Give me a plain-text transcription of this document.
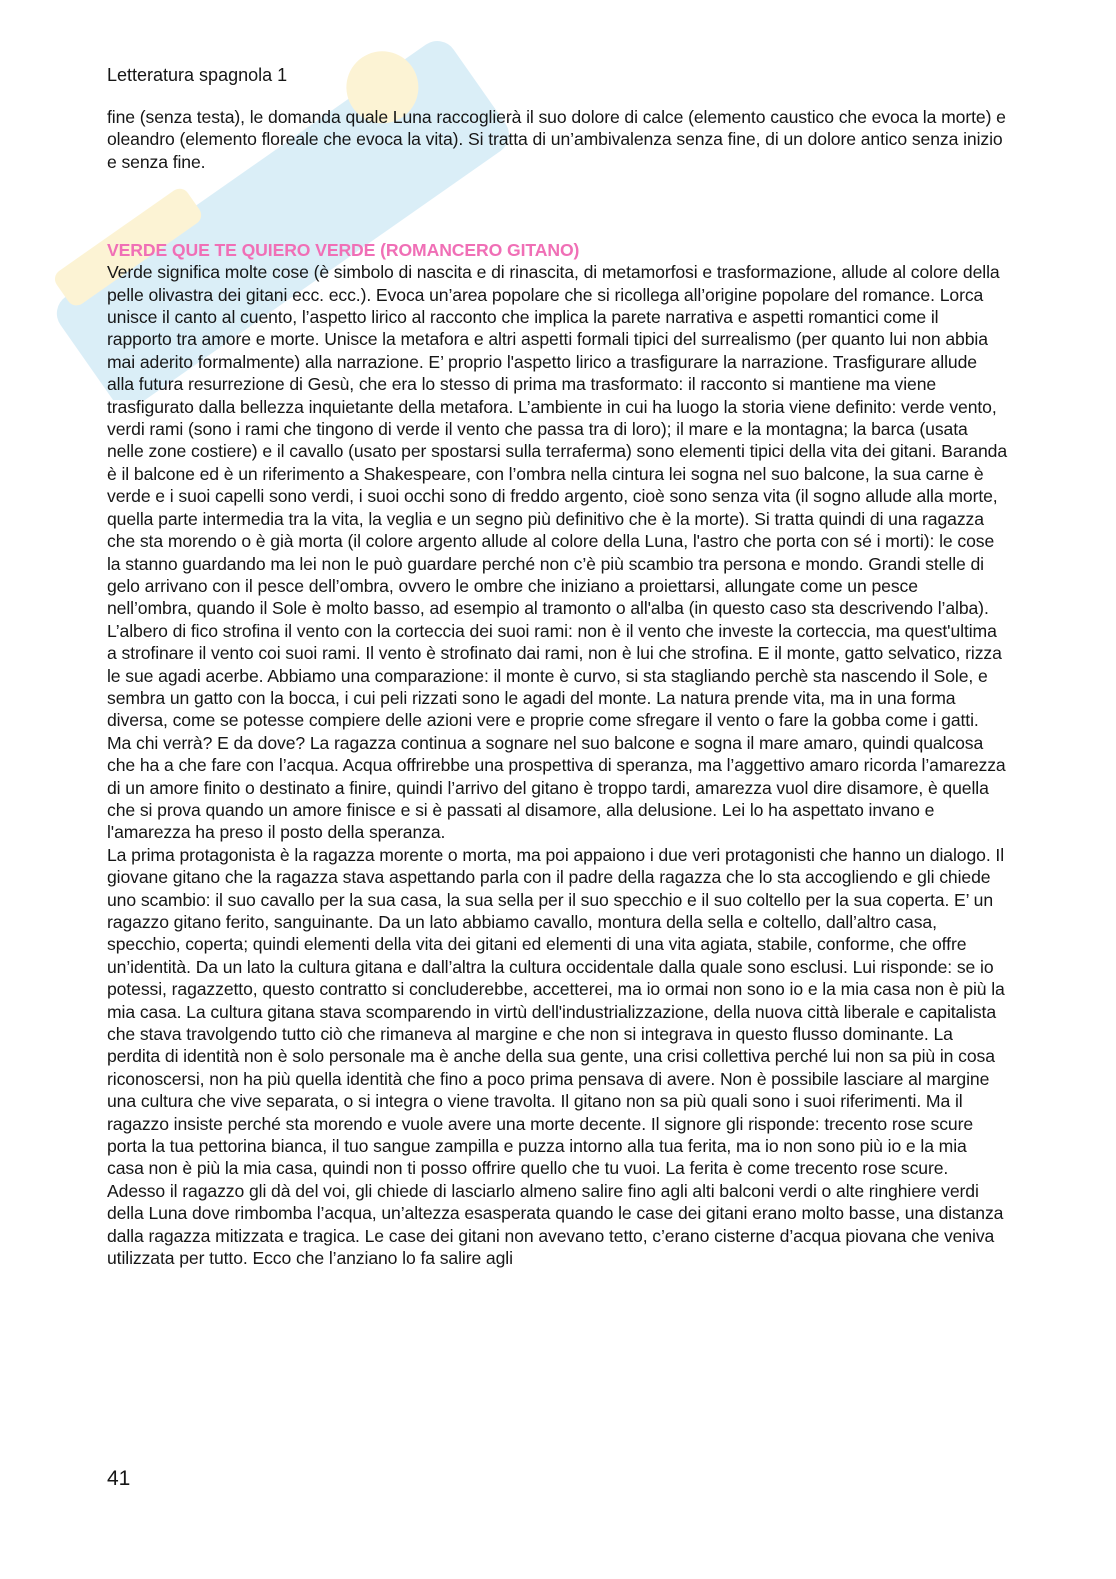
Letteratura spagnola 1

fine (senza testa), le domanda quale Luna raccoglierà il suo dolore di calce (elemento caustico che evoca la morte) e oleandro (elemento floreale che evoca la vita). Si tratta di un’ambivalenza senza fine, di un dolore antico senza inizio e senza fine.

VERDE QUE TE QUIERO VERDE (ROMANCERO GITANO)

Verde significa molte cose (è simbolo di nascita e di rinascita, di metamorfosi e trasformazione, allude al colore della pelle olivastra dei gitani ecc. ecc.). Evoca un’area popolare che si ricollega all’origine popolare del romance. Lorca unisce il canto al cuento, l’aspetto lirico al racconto che implica la parete narrativa e aspetti romantici come il rapporto tra amore e morte. Unisce la metafora e altri aspetti formali tipici del surrealismo (per quanto lui non abbia mai aderito formalmente) alla narrazione. E’ proprio l'aspetto lirico a trasfigurare la narrazione. Trasfigurare allude alla futura resurrezione di Gesù, che era lo stesso di prima ma trasformato: il racconto si mantiene ma viene trasfigurato dalla bellezza inquietante della metafora. L’ambiente in cui ha luogo la storia viene definito: verde vento, verdi rami (sono i rami che tingono di verde il vento che passa tra di loro); il mare e la montagna; la barca (usata nelle zone costiere) e il cavallo (usato per spostarsi sulla terraferma) sono elementi tipici della vita dei gitani. Baranda è il balcone ed è un riferimento a Shakespeare, con l’ombra nella cintura lei sogna nel suo balcone, la sua carne è verde e i suoi capelli sono verdi, i suoi occhi sono di freddo argento, cioè sono senza vita (il sogno allude alla morte, quella parte intermedia tra la vita, la veglia e un segno più definitivo che è la morte). Si tratta quindi di una ragazza che sta morendo o è già morta (il colore argento allude al colore della Luna, l'astro che porta con sé i morti): le cose la stanno guardando ma lei non le può guardare perché non c’è più scambio tra persona e mondo. Grandi stelle di gelo arrivano con il pesce dell’ombra, ovvero le ombre che iniziano a proiettarsi, allungate come un pesce nell’ombra, quando il Sole è molto basso, ad esempio al tramonto o all'alba (in questo caso sta descrivendo l’alba). L’albero di fico strofina il vento con la corteccia dei suoi rami: non è il vento che investe la corteccia, ma quest'ultima a strofinare il vento coi suoi rami. Il vento è strofinato dai rami, non è lui che strofina. E il monte, gatto selvatico, rizza le sue agadi acerbe. Abbiamo una comparazione: il monte è curvo, si sta stagliando perchè sta nascendo il Sole, e sembra un gatto con la bocca, i cui peli rizzati sono le agadi del monte. La natura prende vita, ma in una forma diversa, come se potesse compiere delle azioni vere e proprie come sfregare il vento o fare la gobba come i gatti. Ma chi verrà? E da dove? La ragazza continua a sognare nel suo balcone e sogna il mare amaro, quindi qualcosa che ha a che fare con l’acqua. Acqua offrirebbe una prospettiva di speranza, ma l’aggettivo amaro ricorda l’amarezza di un amore finito o destinato a finire, quindi l’arrivo del gitano è troppo tardi, amarezza vuol dire disamore, è quella che si prova quando un amore finisce e si è passati al disamore, alla delusione. Lei lo ha aspettato invano e l'amarezza ha preso il posto della speranza.

La prima protagonista è la ragazza morente o morta, ma poi appaiono i due veri protagonisti che hanno un dialogo. Il giovane gitano che la ragazza stava aspettando parla con il padre della ragazza che lo sta accogliendo e gli chiede uno scambio: il suo cavallo per la sua casa, la sua sella per il suo specchio e il suo coltello per la sua coperta. E’ un ragazzo gitano ferito, sanguinante. Da un lato abbiamo cavallo, montura della sella e coltello, dall’altro casa, specchio, coperta; quindi elementi della vita dei gitani ed elementi di una vita agiata, stabile, conforme, che offre un’identità. Da un lato la cultura gitana e dall’altra la cultura occidentale dalla quale sono esclusi. Lui risponde: se io potessi, ragazzetto, questo contratto si concluderebbe, accetterei, ma io ormai non sono io e la mia casa non è più la mia casa. La cultura gitana stava scomparendo in virtù dell'industrializzazione, della nuova città liberale e capitalista che stava travolgendo tutto ciò che rimaneva al margine e che non si integrava in questo flusso dominante. La perdita di identità non è solo personale ma è anche della sua gente, una crisi collettiva perché lui non sa più in cosa riconoscersi, non ha più quella identità che fino a poco prima pensava di avere. Non è possibile lasciare al margine una cultura che vive separata, o si integra o viene travolta. Il gitano non sa più quali sono i suoi riferimenti. Ma il ragazzo insiste perché sta morendo e vuole avere una morte decente. Il signore gli risponde: trecento rose scure porta la tua pettorina bianca, il tuo sangue zampilla e puzza intorno alla tua ferita, ma io non sono più io e la mia casa non è più la mia casa, quindi non ti posso offrire quello che tu vuoi. La ferita è come trecento rose scure. Adesso il ragazzo gli dà del voi, gli chiede di lasciarlo almeno salire fino agli alti balconi verdi o alte ringhiere verdi della Luna dove rimbomba l’acqua, un’altezza esasperata quando le case dei gitani erano molto basse, una distanza dalla ragazza mitizzata e tragica. Le case dei gitani non avevano tetto, c’erano cisterne d’acqua piovana che veniva utilizzata per tutto. Ecco che l’anziano lo fa salire agli

41
